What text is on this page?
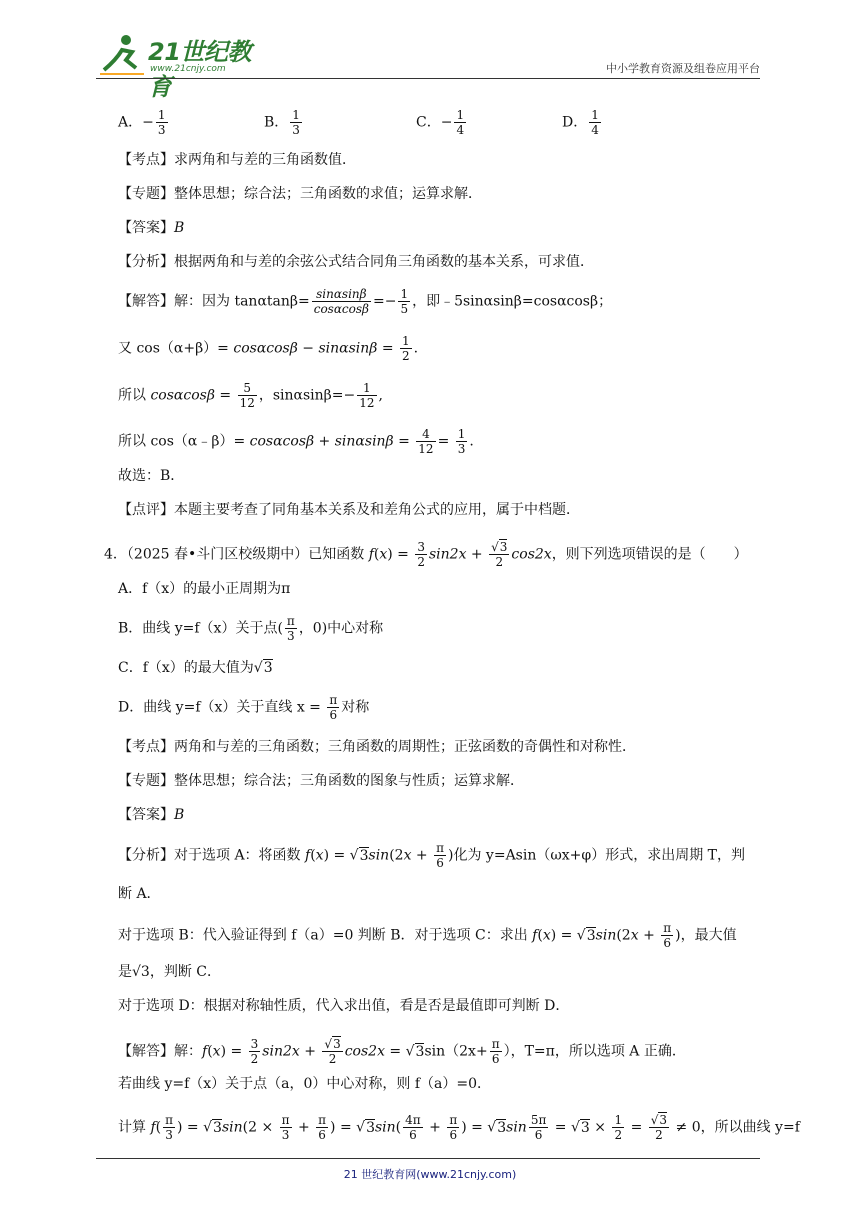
21世纪教育
www.21cnjy.com	中小学教育资源及组卷应用平台
A．− $\frac{1}{3}$	B． $\frac{1}{3}$	C．− $\frac{1}{4}$	D． $\frac{1}{4}$
【考点】求两角和与差的三角函数值．
【专题】整体思想；综合法；三角函数的求值；运算求解．
【答案】B
【分析】根据两角和与差的余弦公式结合同角三角函数的基本关系，可求值．
【解答】解：因为 $\tan\alpha\tan\beta= \frac{\sin\alpha\sin\beta}{\cos\alpha\cos\beta} =- \frac{1}{5}$ ，即﹣5sinαsinβ=cosαcosβ；
又 $\cos(\alpha+\beta)= \cos\alpha\cos\beta - \sin\alpha\sin\beta = \frac{1}{2}$ .
所以 $\cos\alpha\cos\beta = \frac{5}{12}$ ，$\sin\alpha\sin\beta=- \frac{1}{12}$ ,
所以 cos（α﹣β）= $\cos\alpha\cos\beta + \sin\alpha\sin\beta = \frac{4}{12} = \frac{1}{3}$ .
故选：B．
【点评】本题主要考查了同角基本关系及和差角公式的应用，属于中档题．
4．（2025 春•斗门区校级期中）已知函数 $f(x) = \frac{3}{2} \sin 2x + \frac{√3}{2} \cos 2x$，则下列选项错误的是（　　）
A．f（x）的最小正周期为π
B．曲线 y=f（x）关于点( $\frac{\pi}{3}$ ，0)中心对称
C．f（x）的最大值为√3
D．曲线 y=f（x）关于直线 $x = \frac{\pi}{6}$ 对称
【考点】两角和与差的三角函数；三角函数的周期性；正弦函数的奇偶性和对称性．
【专题】整体思想；综合法；三角函数的图象与性质；运算求解．
【答案】B
【分析】对于选项 A：将函数 $f(x) = √3\sin(2x + \frac{\pi}{6}$ )化为 y=Asin（ωx+φ）形式，求出周期 T，判
断 A．
对于选项 B：代入验证得到 f（a）=0 判断 B．对于选项 C：求出 $f(x) = √3\sin(2x + \frac{\pi}{6}$ )，最大值
是√3，判断 C．
对于选项 D：根据对称轴性质，代入求出值，看是否是最值即可判断 D．
【解答】解：$f(x) = \frac{3}{2} \sin 2x + \frac{√3}{2} \cos 2x = √3\sin(2x+ \frac{\pi}{6}$ ），T=π，所以选项 A 正确．
若曲线 y=f（x）关于点（a，0）中心对称，则 f（a）=0．
计算 $f( \frac{\pi}{3}$ ) = $√3\sin(2 \times \frac{\pi}{3} + \frac{\pi}{6}$ ) = $√3\sin( \frac{4\pi}{6} + \frac{\pi}{6}$ ) = $√3\sin \frac{5\pi}{6} = √3 \times \frac{1}{2} = \frac{√3}{2} \ne 0$，所以曲线 y=f
21 世纪教育网(www.21cnjy.com)
